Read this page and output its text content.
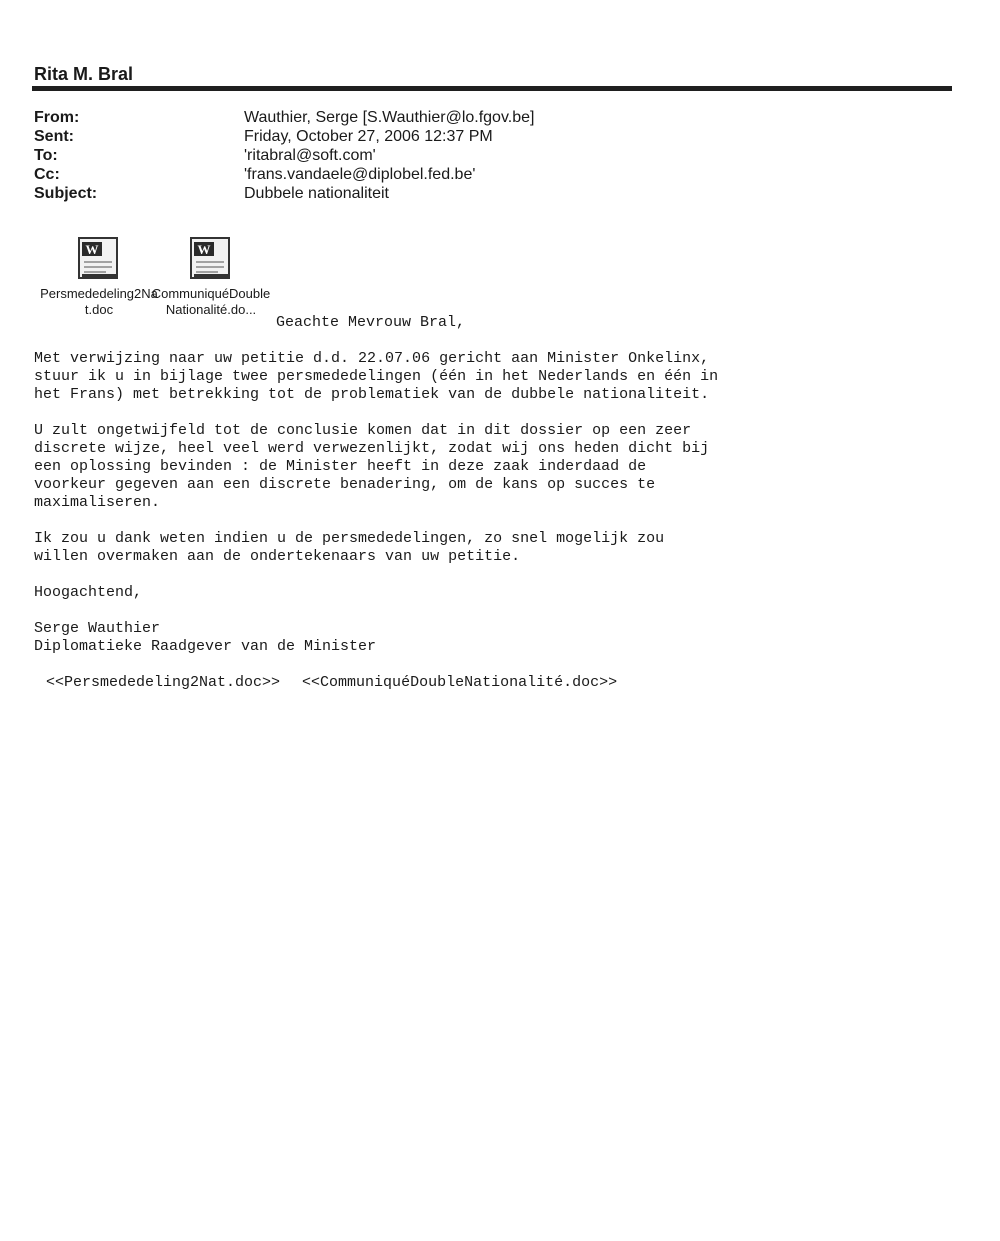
Rita M. Bral
From:	Wauthier, Serge [S.Wauthier@lo.fgov.be]
Sent:	Friday, October 27, 2006 12:37 PM
To:	'ritabral@soft.com'
Cc:	'frans.vandaele@diplobel.fed.be'
Subject:	Dubbele nationaliteit
W
Persmededeling2Na
t.doc
W
CommuniquéDouble
Nationalité.do...
Geachte Mevrouw Bral,
Met verwijzing naar uw petitie d.d. 22.07.06 gericht aan Minister Onkelinx,
stuur ik u in bijlage twee persmededelingen (één in het Nederlands en één in
het Frans) met betrekking tot de problematiek van de dubbele nationaliteit.
U zult ongetwijfeld tot de conclusie komen dat in dit dossier op een zeer
discrete wijze, heel veel werd verwezenlijkt, zodat wij ons heden dicht bij
een oplossing bevinden : de Minister heeft in deze zaak inderdaad de
voorkeur gegeven aan een discrete benadering, om de kans op succes te
maximaliseren.
Ik zou u dank weten indien u de persmededelingen, zo snel mogelijk zou
willen overmaken aan de ondertekenaars van uw petitie.
Hoogachtend,
Serge Wauthier
Diplomatieke Raadgever van de Minister
<<Persmededeling2Nat.doc>> <<CommuniquéDoubleNationalité.doc>>
